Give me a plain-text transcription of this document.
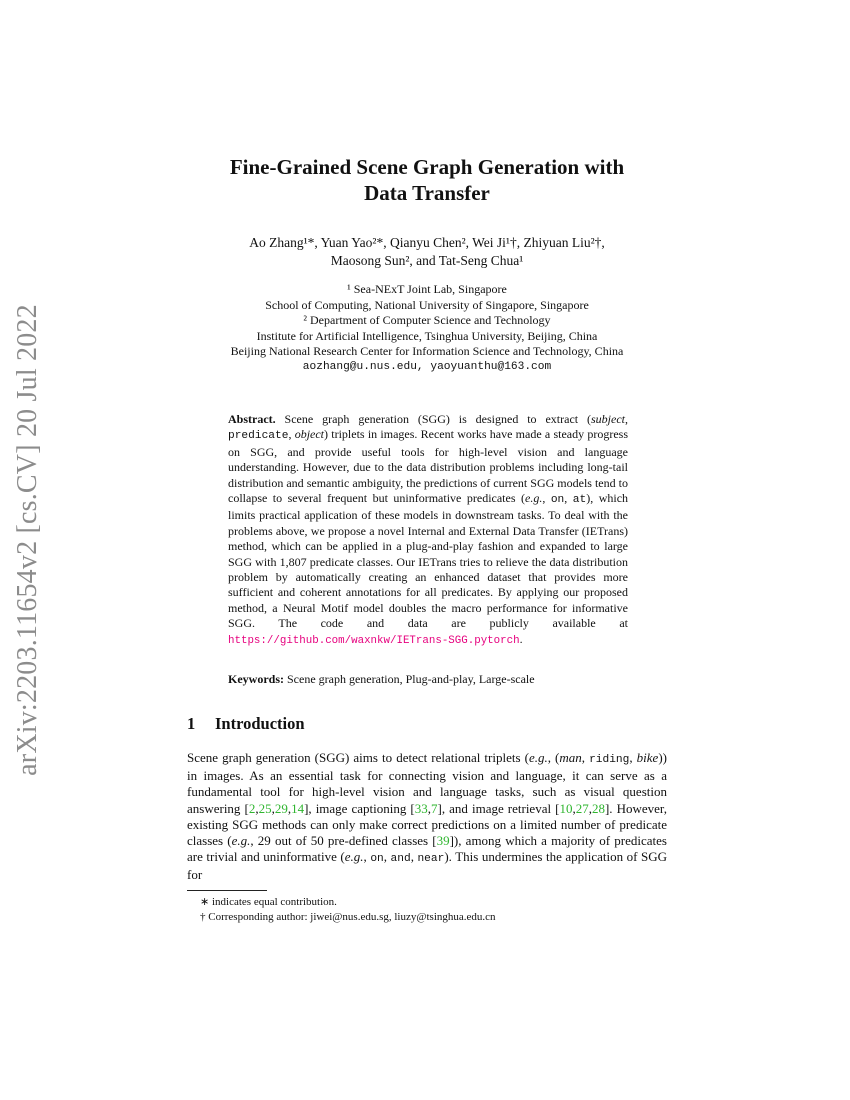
arXiv:2203.11654v2 [cs.CV] 20 Jul 2022
Fine-Grained Scene Graph Generation with
Data Transfer
Ao Zhang¹*, Yuan Yao²*, Qianyu Chen², Wei Ji¹†, Zhiyuan Liu²†,
Maosong Sun², and Tat-Seng Chua¹
¹ Sea-NExT Joint Lab, Singapore
School of Computing, National University of Singapore, Singapore
² Department of Computer Science and Technology
Institute for Artificial Intelligence, Tsinghua University, Beijing, China
Beijing National Research Center for Information Science and Technology, China
aozhang@u.nus.edu, yaoyuanthu@163.com
Abstract. Scene graph generation (SGG) is designed to extract (subject, predicate, object) triplets in images. Recent works have made a steady progress on SGG, and provide useful tools for high-level vision and language understanding. However, due to the data distribution problems including long-tail distribution and semantic ambiguity, the predictions of current SGG models tend to collapse to several frequent but uninformative predicates (e.g., on, at), which limits practical application of these models in downstream tasks. To deal with the problems above, we propose a novel Internal and External Data Transfer (IETrans) method, which can be applied in a plug-and-play fashion and expanded to large SGG with 1,807 predicate classes. Our IETrans tries to relieve the data distribution problem by automatically creating an enhanced dataset that provides more sufficient and coherent annotations for all predicates. By applying our proposed method, a Neural Motif model doubles the macro performance for informative SGG. The code and data are publicly available at https://github.com/waxnkw/IETrans-SGG.pytorch.
Keywords: Scene graph generation, Plug-and-play, Large-scale
1 Introduction
Scene graph generation (SGG) aims to detect relational triplets (e.g., (man, riding, bike)) in images. As an essential task for connecting vision and language, it can serve as a fundamental tool for high-level vision and language tasks, such as visual question answering [2,25,29,14], image captioning [33,7], and image retrieval [10,27,28]. However, existing SGG methods can only make correct predictions on a limited number of predicate classes (e.g., 29 out of 50 pre-defined classes [39]), among which a majority of predicates are trivial and uninformative (e.g., on, and, near). This undermines the application of SGG for
∗ indicates equal contribution.
† Corresponding author: jiwei@nus.edu.sg, liuzy@tsinghua.edu.cn
